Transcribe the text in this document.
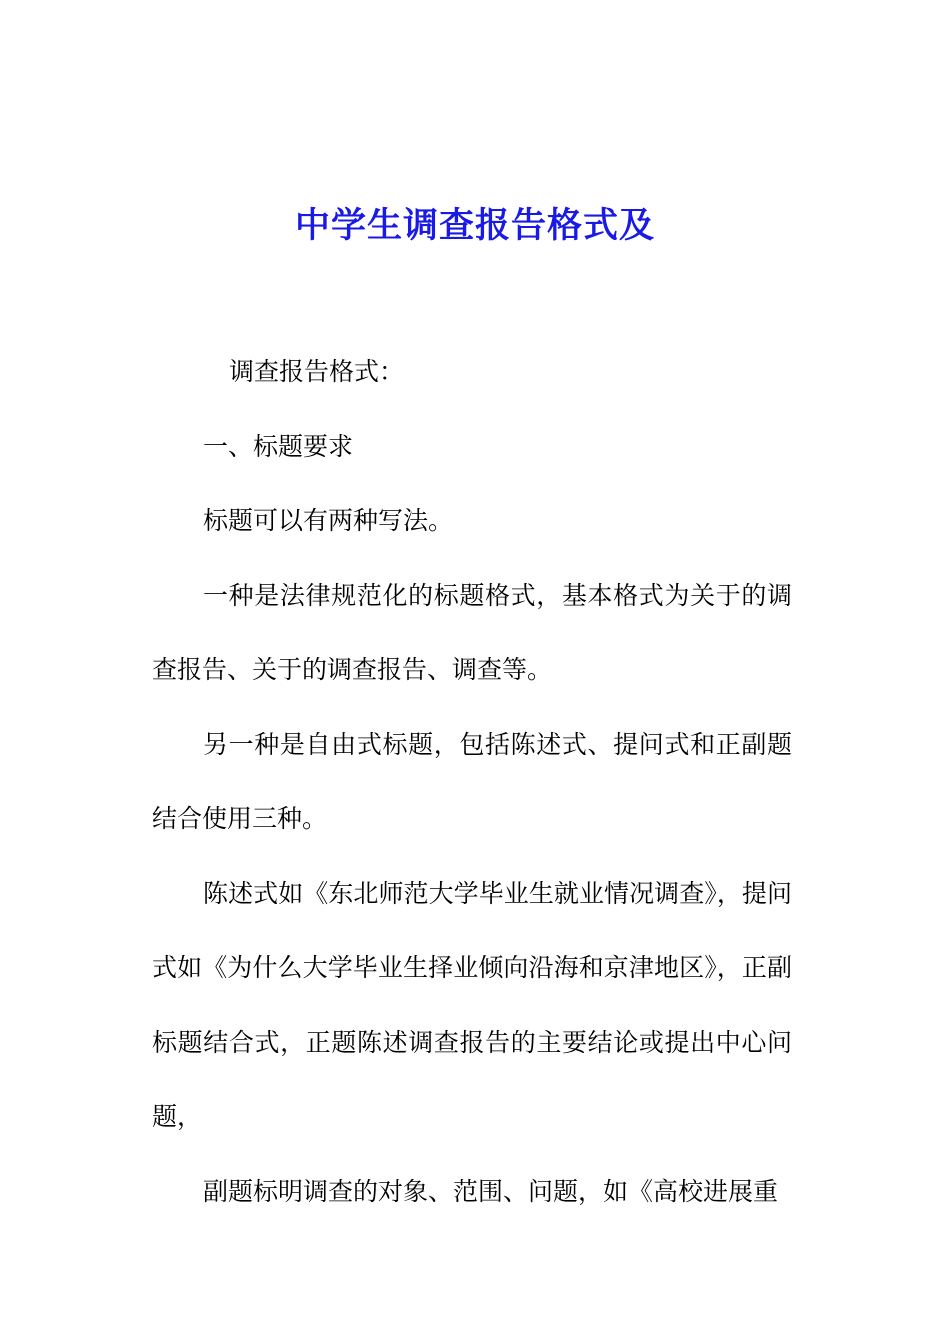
中学生调查报告格式及

调查报告格式：

一、标题要求

标题可以有两种写法。

一种是法律规范化的标题格式，基本格式为关于的调查报告、关于的调查报告、调查等。

另一种是自由式标题，包括陈述式、提问式和正副题结合使用三种。

陈述式如《东北师范大学毕业生就业情况调查》，提问式如《为什么大学毕业生择业倾向沿海和京津地区》，正副标题结合式，正题陈述调查报告的主要结论或提出中心问题，

副题标明调查的对象、范围、问题，如《高校进展重
